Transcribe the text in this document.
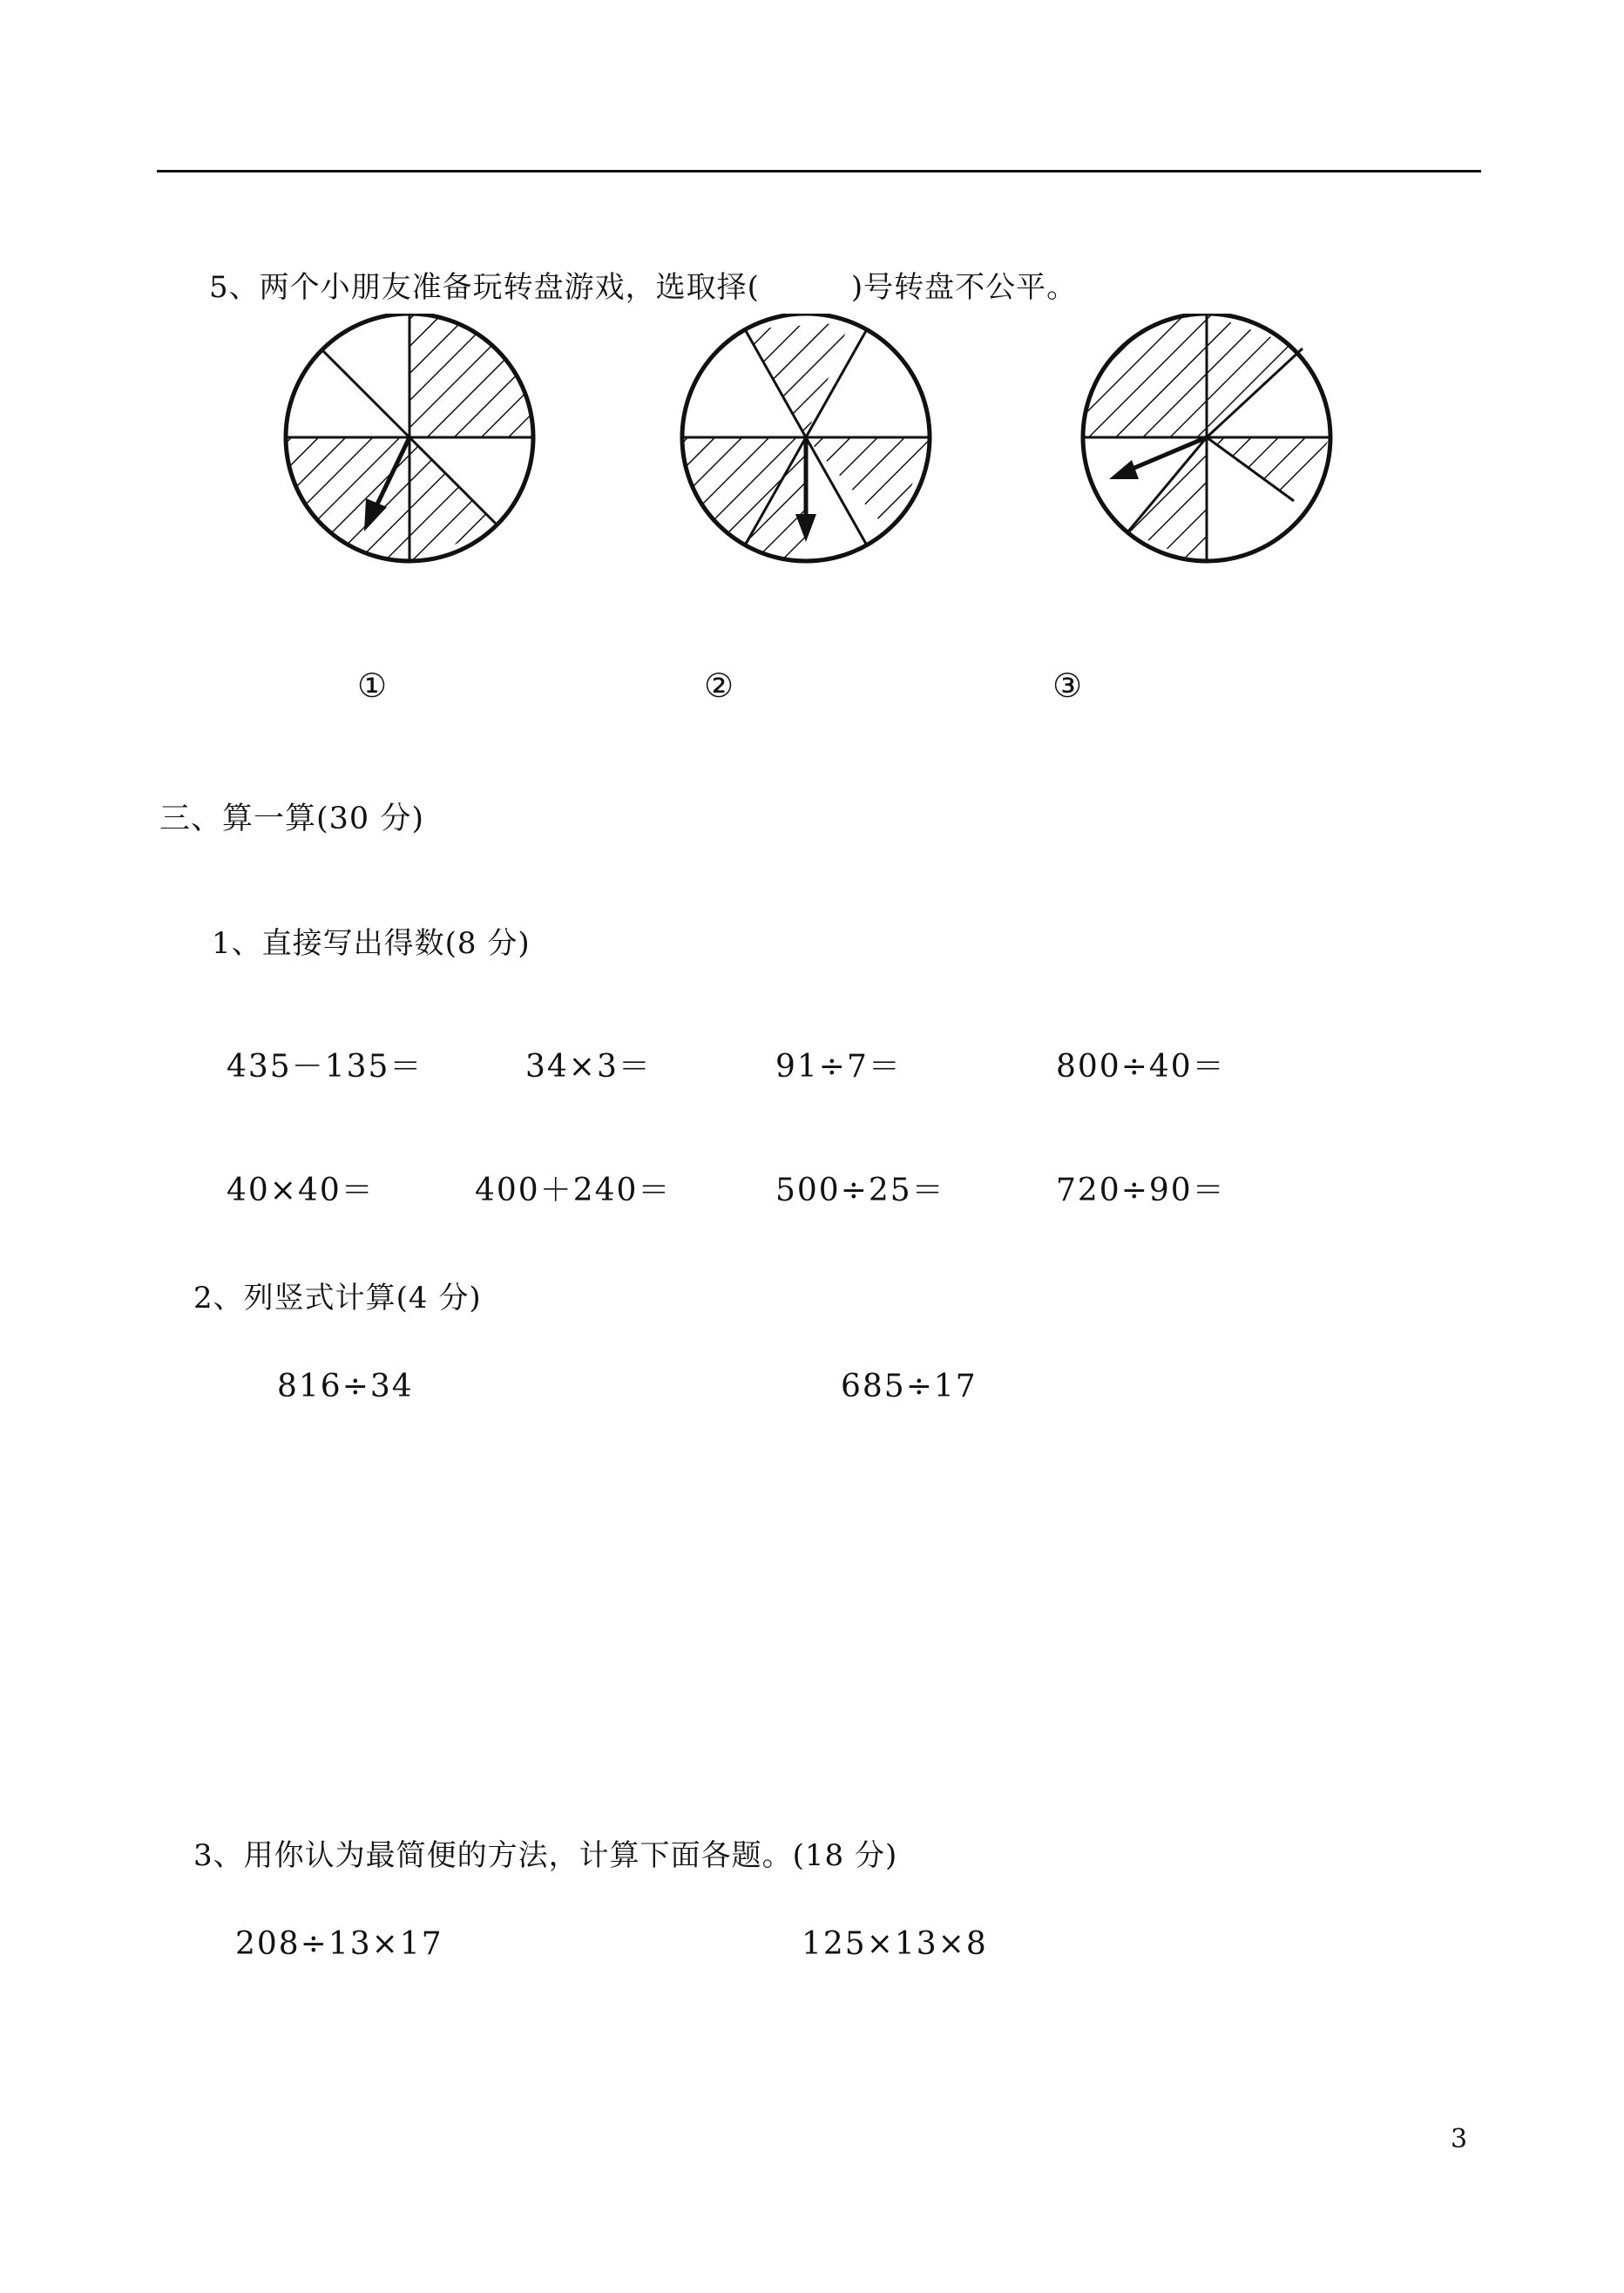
5、两个小朋友准备玩转盘游戏，选取择(　　　)号转盘不公平。
①	②	③
三、算一算(30 分)
1、直接写出得数(8 分)
435－135＝	34×3＝	91÷7＝	800÷40＝
40×40＝	400＋240＝	500÷25＝	720÷90＝
2、列竖式计算(4 分)
816÷34	685÷17
3、用你认为最简便的方法，计算下面各题。(18 分)
208÷13×17	125×13×8
3
